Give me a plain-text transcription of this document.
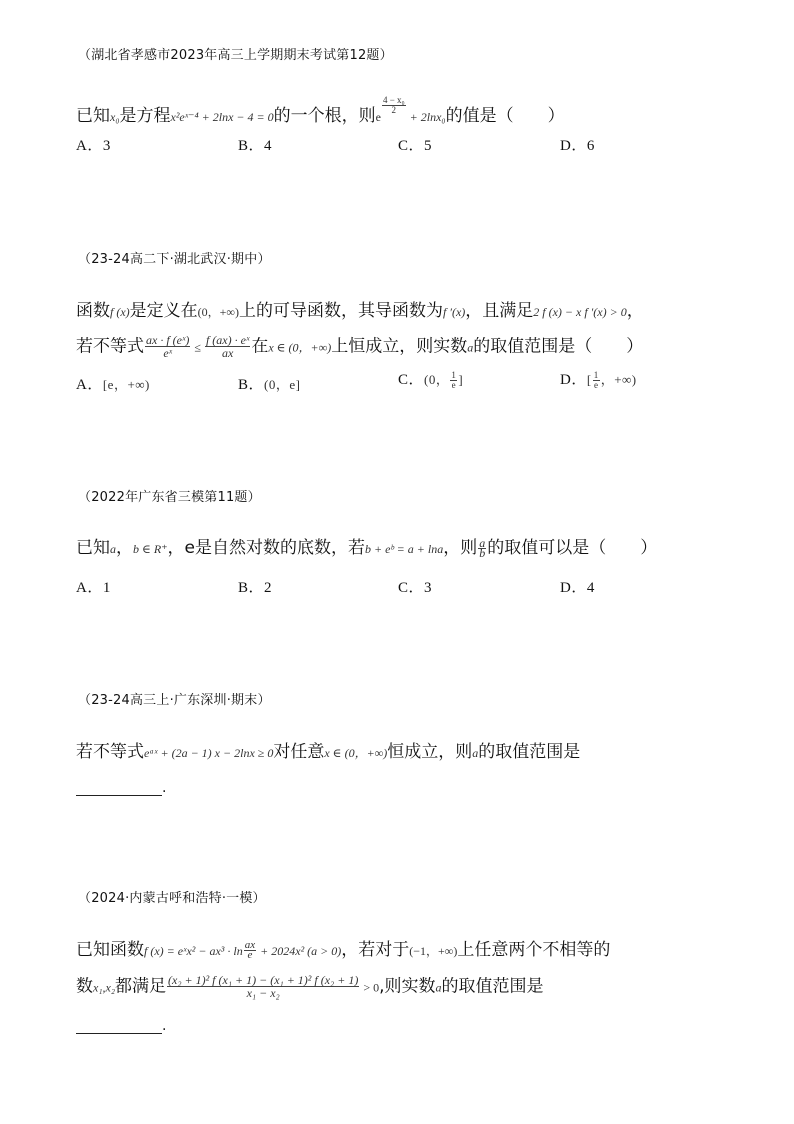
（湖北省孝感市2023年高三上学期期末考试第12题）
已知x₀是方程x²eˣ⁻⁴ + 2lnx − 4 = 0的一个根，则e
$\frac{\text{4 − x₀}}{2}$
+ 2lnx₀的值是（　　）
A．3	B．4	C．5	D．6
（23-24高二下·湖北武汉·期中）
函数f (x)是定义在(0，+∞)上的可导函数，其导函数为f ′(x)，且满足2 f (x) − x f ′(x) > 0，
若不等式 $\frac{\text{ax · f (eˣ)}}{\text{eˣ}} \le \frac{\text{f (ax) · eˣ}}{ax}$ 在x ∈ (0，+∞)上恒成立，则实数a的取值范围是（　　）
A．[e，+∞)	B．(0，e]	C．(0， $\frac{1}{e}$ ]	D．[ $\frac{1}{e}$ ，+∞)
（2022年广东省三模第11题）
已知a，b ∈ R⁺，e是自然对数的底数，若b + eᵇ = a + lna，则 $\frac{a}{b}$ 的取值可以是（　　）
A．1	B．2	C．3	D．4
（23-24高三上·广东深圳·期末）
若不等式eᵃˣ + (2a − 1) x − 2lnx ≥ 0对任意x ∈ (0，+∞)恒成立，则a的取值范围是
.
（2024·内蒙古呼和浩特·一模）
已知函数f (x) = eˣx² − $ax^3 \cdot \ln \frac{ax}{e} + 2024x^2$ (a > 0)，若对于(−1，+∞)上任意两个不相等的
数x₁,x₂都满足 $\frac{\text{(x₂ + 1)² f (x₁ + 1) − (x₁ + 1)² f (x₂ + 1)}}{\text{x₁ − x₂}} > 0$,则实数a的取值范围是
.
